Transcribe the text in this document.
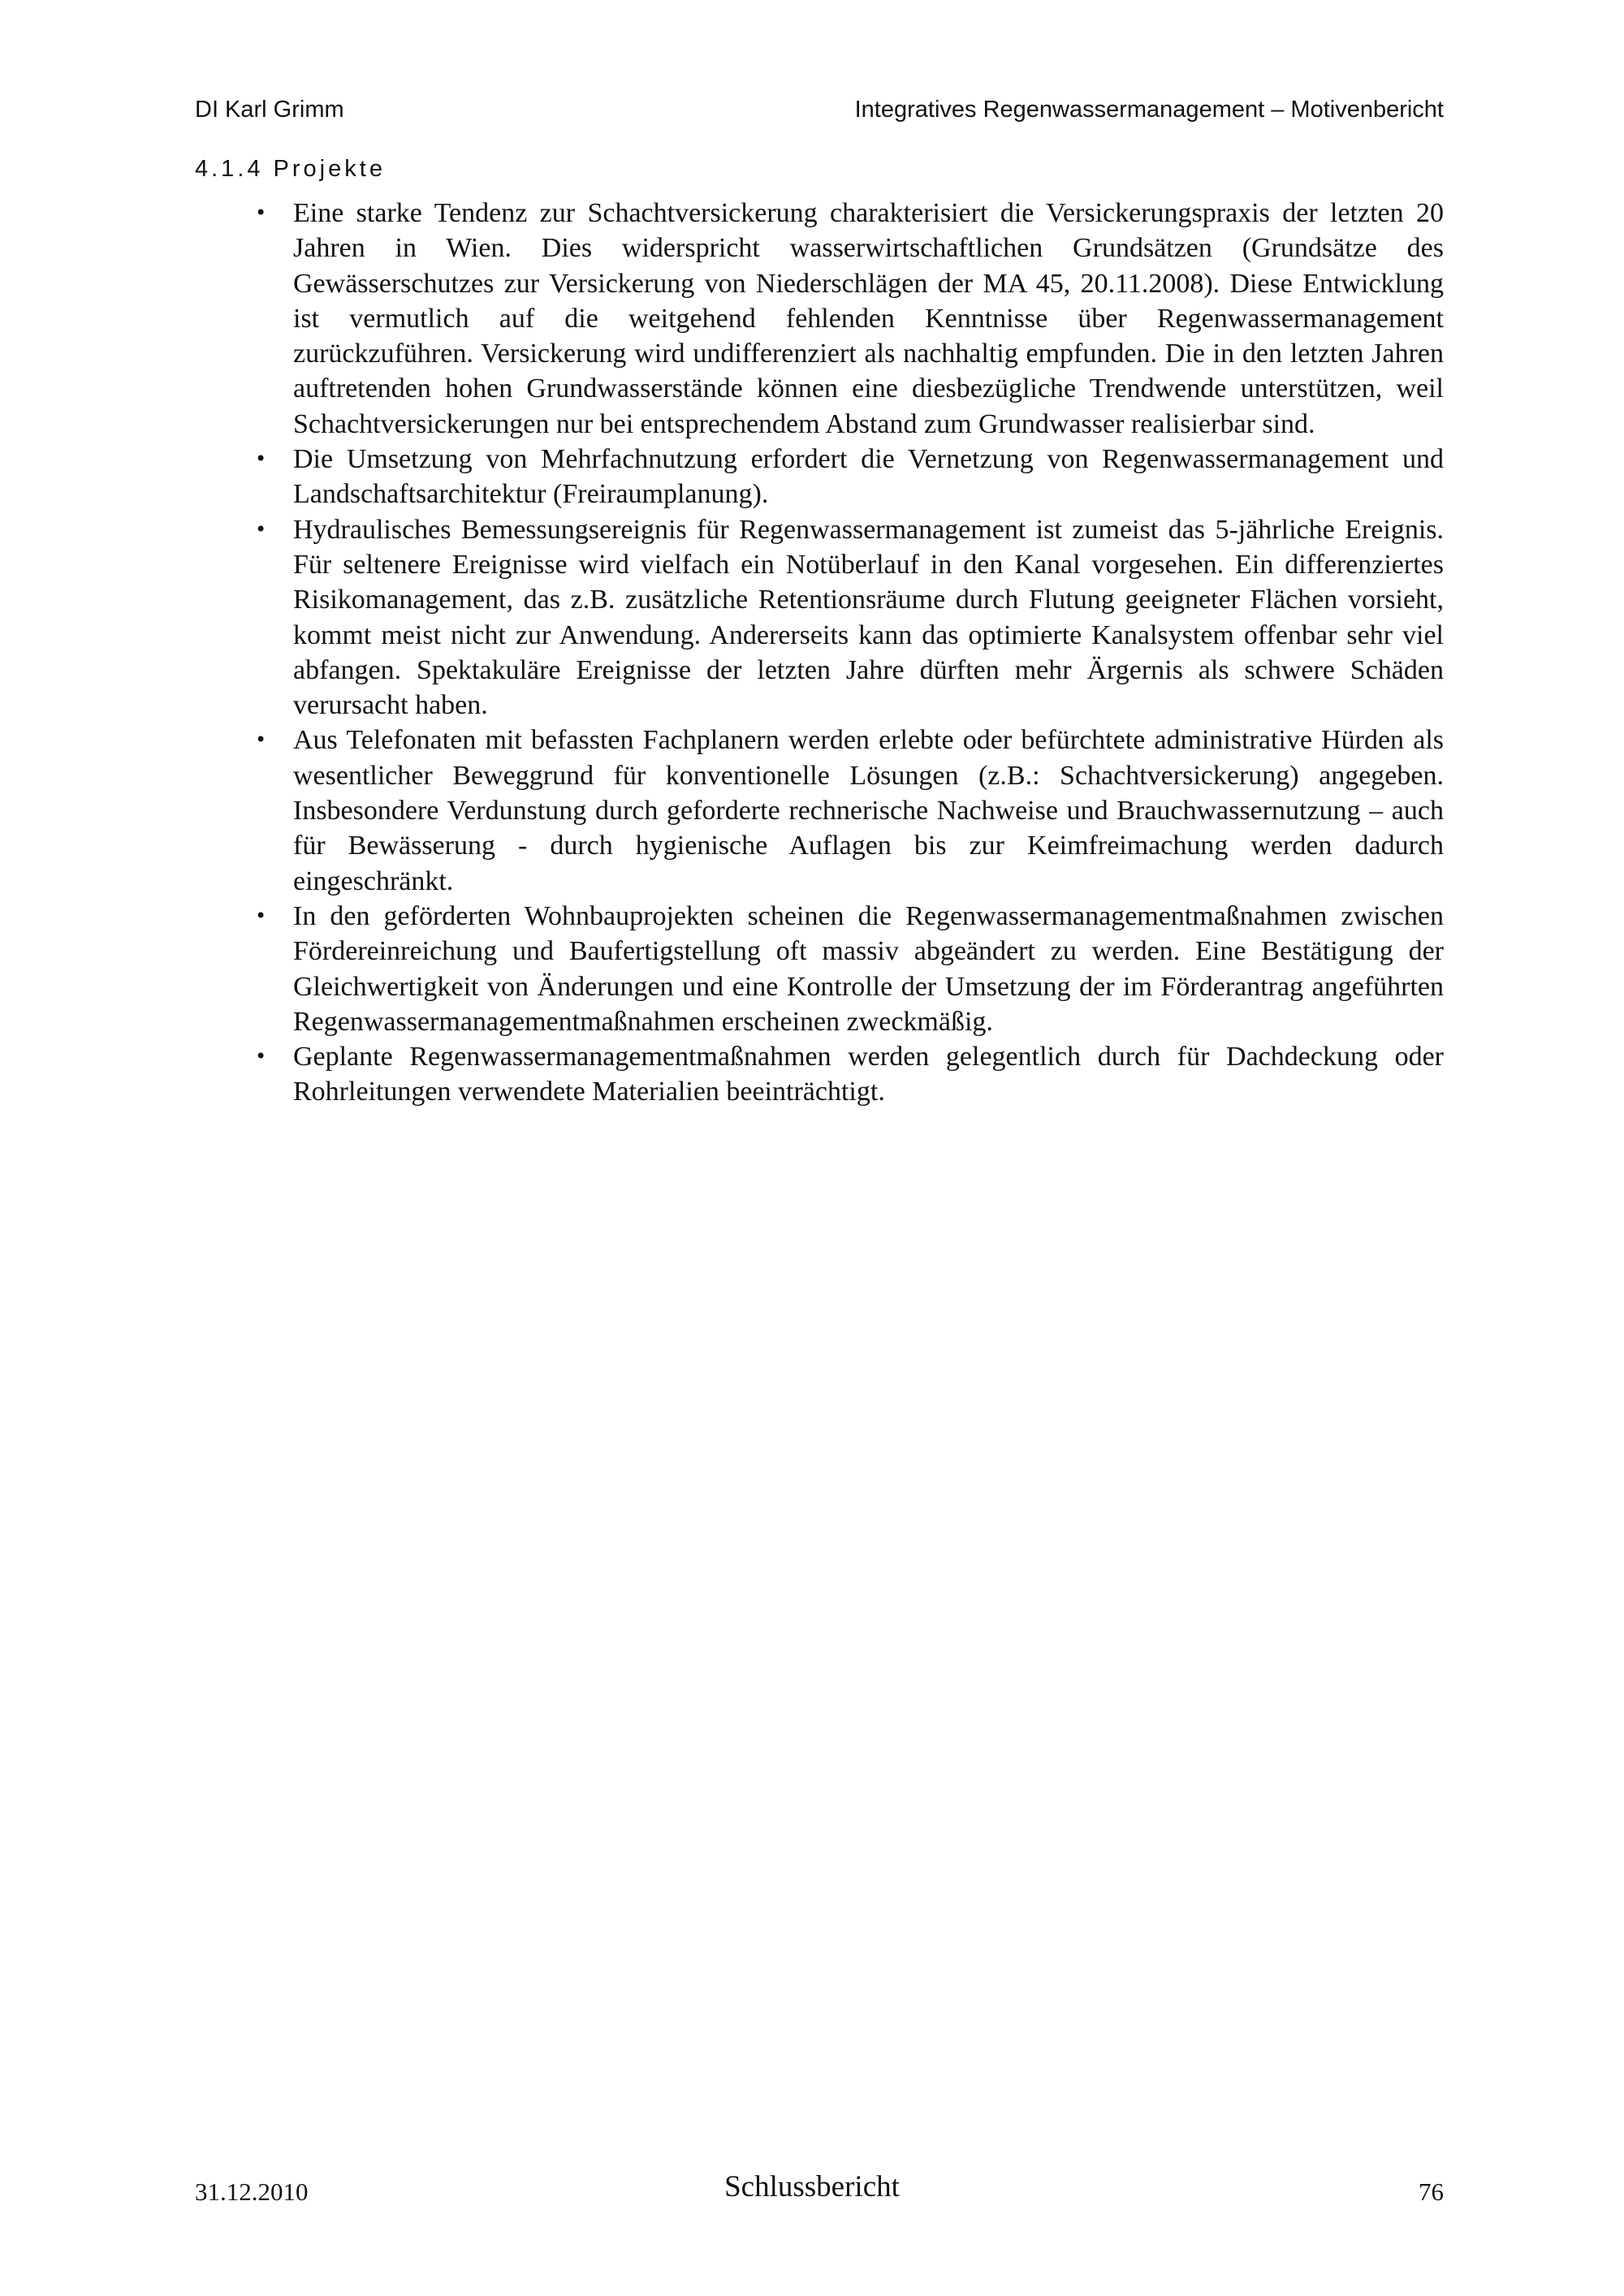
DI Karl Grimm	Integratives Regenwassermanagement – Motivenbericht
4.1.4 Projekte
• Eine starke Tendenz zur Schachtversickerung charakterisiert die Versickerungspraxis der letzten 20 Jahren in Wien. Dies widerspricht wasserwirtschaftlichen Grundsätzen (Grundsätze des Gewässerschutzes zur Versickerung von Niederschlägen der MA 45, 20.11.2008). Diese Entwicklung ist vermutlich auf die weitgehend fehlenden Kenntnisse über Regenwassermanagement zurückzuführen. Versickerung wird undifferenziert als nachhaltig empfunden. Die in den letzten Jahren auftretenden hohen Grundwasserstände können eine diesbezügliche Trendwende unterstützen, weil Schachtversickerungen nur bei entsprechendem Abstand zum Grundwasser realisierbar sind.
• Die Umsetzung von Mehrfachnutzung erfordert die Vernetzung von Regenwassermanagement und Landschaftsarchitektur (Freiraumplanung).
• Hydraulisches Bemessungsereignis für Regenwassermanagement ist zumeist das 5-jährliche Ereignis. Für seltenere Ereignisse wird vielfach ein Notüberlauf in den Kanal vorgesehen. Ein differenziertes Risikomanagement, das z.B. zusätzliche Retentionsräume durch Flutung geeigneter Flächen vorsieht, kommt meist nicht zur Anwendung. Andererseits kann das optimierte Kanalsystem offenbar sehr viel abfangen. Spektakuläre Ereignisse der letzten Jahre dürften mehr Ärgernis als schwere Schäden verursacht haben.
• Aus Telefonaten mit befassten Fachplanern werden erlebte oder befürchtete administrative Hürden als wesentlicher Beweggrund für konventionelle Lösungen (z.B.: Schachtversickerung) angegeben. Insbesondere Verdunstung durch geforderte rechnerische Nachweise und Brauchwassernutzung – auch für Bewässerung - durch hygienische Auflagen bis zur Keimfreimachung werden dadurch eingeschränkt.
• In den geförderten Wohnbauprojekten scheinen die Regenwassermanagementmaßnahmen zwischen Fördereinreichung und Baufertigstellung oft massiv abgeändert zu werden. Eine Bestätigung der Gleichwertigkeit von Änderungen und eine Kontrolle der Umsetzung der im Förderantrag angeführten Regenwassermanagementmaßnahmen erscheinen zweckmäßig.
• Geplante Regenwassermanagementmaßnahmen werden gelegentlich durch für Dachdeckung oder Rohrleitungen verwendete Materialien beeinträchtigt.
31.12.2010	Schlussbericht	76
